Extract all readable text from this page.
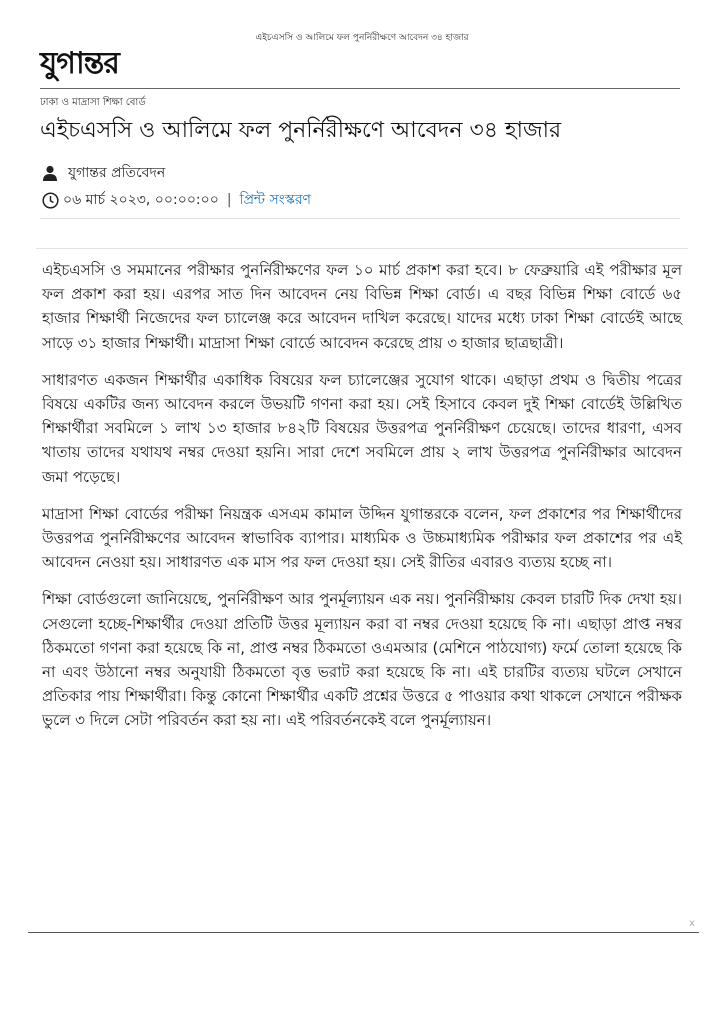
এইচএসসি ও আলিমে ফল পুনর্নিরীক্ষণে আবেদন ৩৪ হাজার
যুগান্তর
ঢাকা ও মাদ্রাসা শিক্ষা বোর্ড
এইচএসসি ও আলিমে ফল পুনর্নিরীক্ষণে আবেদন ৩৪ হাজার
যুগান্তর প্রতিবেদন
০৬ মার্চ ২০২৩, ০০:০০:০০ | প্রিন্ট সংস্করণ

এইচএসসি ও সমমানের পরীক্ষার পুনর্নিরীক্ষণের ফল ১০ মার্চ প্রকাশ করা হবে। ৮ ফেব্রুয়ারি এই পরীক্ষার মূল ফল প্রকাশ করা হয়। এরপর সাত দিন আবেদন নেয় বিভিন্ন শিক্ষা বোর্ড। এ বছর বিভিন্ন শিক্ষা বোর্ডে ৬৫ হাজার শিক্ষার্থী নিজেদের ফল চ্যালেঞ্জ করে আবেদন দাখিল করেছে। যাদের মধ্যে ঢাকা শিক্ষা বোর্ডেই আছে সাড়ে ৩১ হাজার শিক্ষার্থী। মাদ্রাসা শিক্ষা বোর্ডে আবেদন করেছে প্রায় ৩ হাজার ছাত্রছাত্রী।

সাধারণত একজন শিক্ষার্থীর একাধিক বিষয়ের ফল চ্যালেঞ্জের সুযোগ থাকে। এছাড়া প্রথম ও দ্বিতীয় পত্রের বিষয়ে একটির জন্য আবেদন করলে উভয়টি গণনা করা হয়। সেই হিসাবে কেবল দুই শিক্ষা বোর্ডেই উল্লিখিত শিক্ষার্থীরা সবমিলে ১ লাখ ১৩ হাজার ৮৪২টি বিষয়ের উত্তরপত্র পুনর্নিরীক্ষণ চেয়েছে। তাদের ধারণা, এসব খাতায় তাদের যথাযথ নম্বর দেওয়া হয়নি। সারা দেশে সবমিলে প্রায় ২ লাখ উত্তরপত্র পুনর্নিরীক্ষার আবেদন জমা পড়েছে।

মাদ্রাসা শিক্ষা বোর্ডের পরীক্ষা নিয়ন্ত্রক এসএম কামাল উদ্দিন যুগান্তরকে বলেন, ফল প্রকাশের পর শিক্ষার্থীদের উত্তরপত্র পুনর্নিরীক্ষণের আবেদন স্বাভাবিক ব্যাপার। মাধ্যমিক ও উচ্চমাধ্যমিক পরীক্ষার ফল প্রকাশের পর এই আবেদন নেওয়া হয়। সাধারণত এক মাস পর ফল দেওয়া হয়। সেই রীতির এবারও ব্যত্যয় হচ্ছে না।

শিক্ষা বোর্ডগুলো জানিয়েছে, পুনর্নিরীক্ষণ আর পুনর্মূল্যায়ন এক নয়। পুনর্নিরীক্ষায় কেবল চারটি দিক দেখা হয়। সেগুলো হচ্ছে-শিক্ষার্থীর দেওয়া প্রতিটি উত্তর মূল্যায়ন করা বা নম্বর দেওয়া হয়েছে কি না। এছাড়া প্রাপ্ত নম্বর ঠিকমতো গণনা করা হয়েছে কি না, প্রাপ্ত নম্বর ঠিকমতো ওএমআর (মেশিনে পাঠযোগ্য) ফর্মে তোলা হয়েছে কি না এবং উঠানো নম্বর অনুযায়ী ঠিকমতো বৃত্ত ভরাট করা হয়েছে কি না। এই চারটির ব্যত্যয় ঘটলে সেখানে প্রতিকার পায় শিক্ষার্থীরা। কিন্তু কোনো শিক্ষার্থীর একটি প্রশ্নের উত্তরে ৫ পাওয়ার কথা থাকলে সেখানে পরীক্ষক ভুলে ৩ দিলে সেটা পরিবর্তন করা হয় না। এই পরিবর্তনকেই বলে পুনর্মূল্যায়ন।

x
